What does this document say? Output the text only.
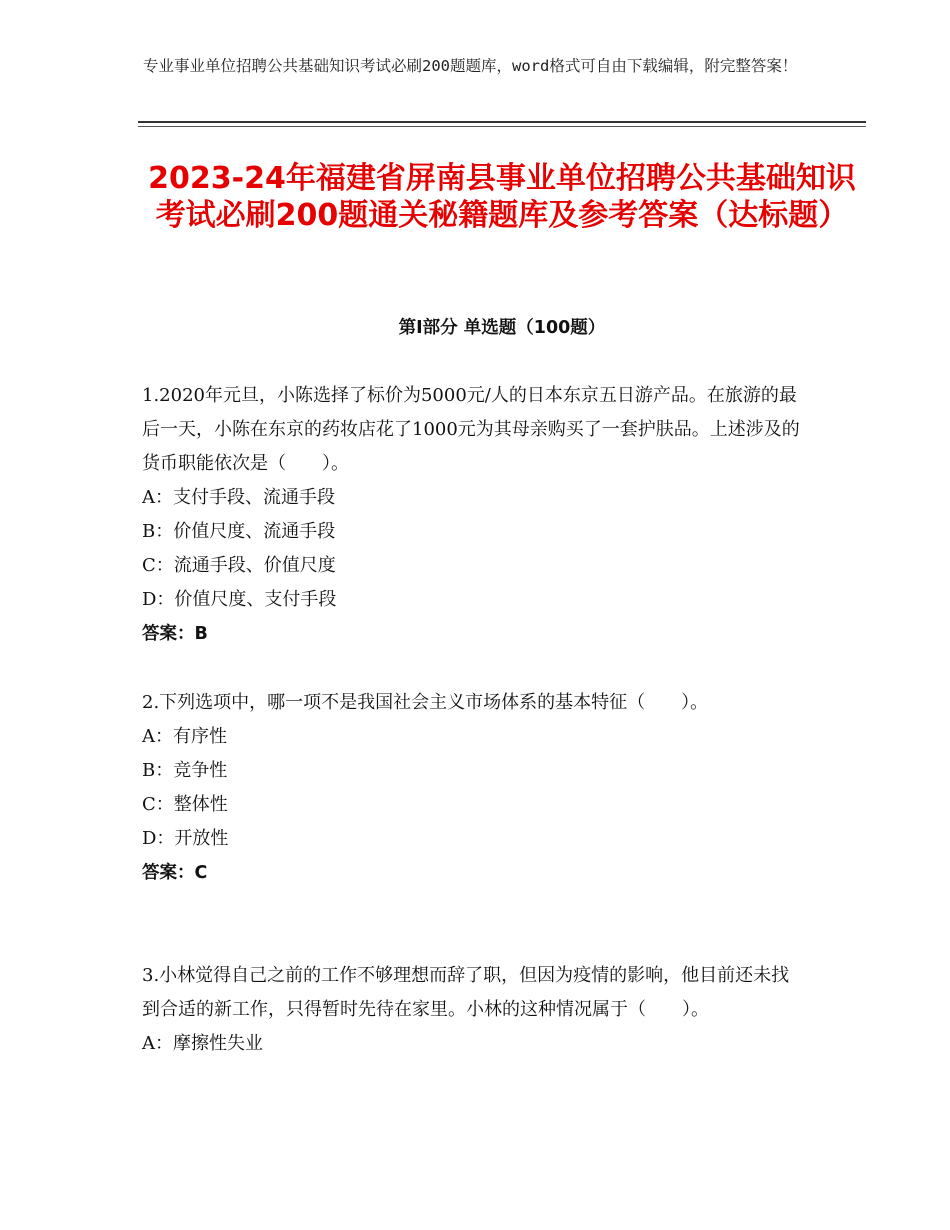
专业事业单位招聘公共基础知识考试必刷200题题库，word格式可自由下载编辑，附完整答案！
2023-24年福建省屏南县事业单位招聘公共基础知识考试必刷200题通关秘籍题库及参考答案（达标题）
第Ⅰ部分 单选题（100题）
1.2020年元旦，小陈选择了标价为5000元/人的日本东京五日游产品。在旅游的最后一天，小陈在东京的药妆店花了1000元为其母亲购买了一套护肤品。上述涉及的货币职能依次是（　　）。
A：支付手段、流通手段
B：价值尺度、流通手段
C：流通手段、价值尺度
D：价值尺度、支付手段
答案：B
2.下列选项中，哪一项不是我国社会主义市场体系的基本特征（　　）。
A：有序性
B：竞争性
C：整体性
D：开放性
答案：C
3.小林觉得自己之前的工作不够理想而辞了职，但因为疫情的影响，他目前还未找到合适的新工作，只得暂时先待在家里。小林的这种情况属于（　　）。
A：摩擦性失业
